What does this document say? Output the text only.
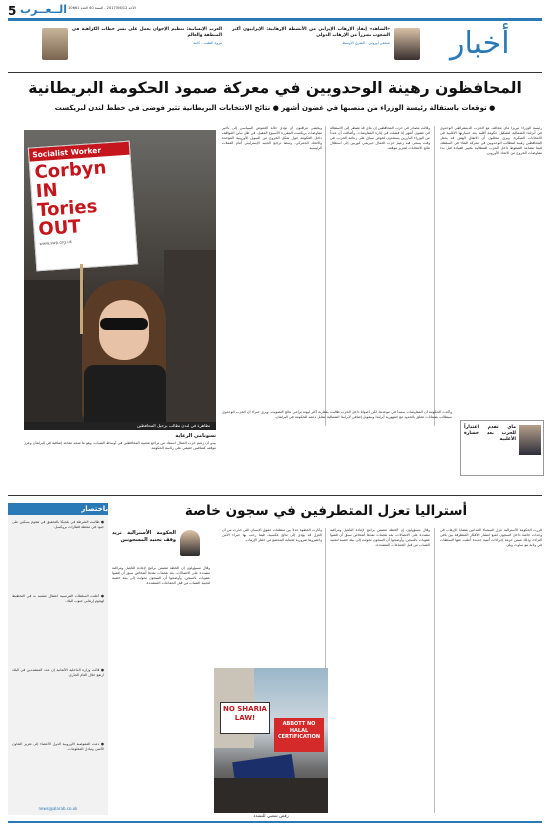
5 الــعــرب الأحد 2017/06/12 - السنة 40 العدد 10661
العرب الإنسانية: تنظيم الإخوان يعمل على نشر خطاب الكراهية في المنطقة والعالم
مروة الطيب - كاتبة
«الشاهد» إنقاذ الإرهاب الإيراني من الأنشطة الإرهابية: الإيرانيون أكثر الشعوب تضرراً من الإرهاب الدولي
صحفي أوروبي - الشرق الأوسط أخبار
المحافظون رهينة الوحدويين في معركة صمود الحكومة البريطانية
● توقعات باستقالة رئيسة الوزراء من منصبها في غضون أشهر ● نتائج الانتخابات البريطانية تثير فوضى في خطط لندن لبريكست
Socialist Worker
Corbyn IN Tories OUT
www.swp.org.uk
تظاهرة في لندن تطالب برحيل المحافظين	ماي تقدم اعتذاراً للحزب بعد خسارة الأغلبية
رئيسة الوزراء تيريزا ماي تتحالف مع الحزب الديمقراطي الوحدوي في أيرلندا الشمالية لتشكيل حكومة أقلية بعد خسارتها الأغلبية في الانتخابات المبكرة. ويرى محللون أن الاتفاق الهش قد يجعل المحافظين رهينة لمطالب الوحدويين في معركة البقاء في السلطة، فيما تتصاعد الضغوط داخل الحزب للمطالبة بتغيير القيادة قبل بدء مفاوضات الخروج من الاتحاد الأوروبي.
وقالت مصادر في حزب المحافظين إن ماي قد تضطر إلى الاستقالة في غضون أشهر إذا فشلت في إدارة المفاوضات. وأضافت أن عدداً من الوزراء البارزين يستعدون لخوض سباق على زعامة الحزب، في وقت يسعى فيه زعيم حزب العمال جيريمي كوربين إلى استغلال نتائج الانتخابات لتعزيز موقعه.
ويخشى مراقبون أن تؤدي حالة الغموض السياسي إلى تأخير مفاوضات بريكست المقررة الأسبوع المقبل، في ظل تباين المواقف داخل الحكومة حول شكل الخروج من السوق الأوروبية الموحدة والاتحاد الجمركي، وسط تراجع الجنيه الإسترليني أمام العملات الرئيسية.
وأكدت الحكومة أن المفاوضات ستبدأ في موعدها، لكن أصواتاً داخل الحزب طالبت بمقاربة أكثر ليونة تراعي نتائج التصويت. ويرى خبراء أن الحزب الوحدوي سيطالب بضمانات تتعلق بالحدود مع جمهورية أيرلندا وبتمويل إضافي لأيرلندا الشمالية مقابل دعمه للحكومة في البرلمان.
تسونامي الرعاية
يبدو أن زعيم حزب العمال استفاد من تراجع شعبية المحافظين في أوساط الشباب، وهو ما منحه مقاعد إضافية في البرلمان وعزز موقعه كمنافس حقيقي على رئاسة الحكومة.
أستراليا تعزل المتطرفين في سجون خاصة
قررت الحكومة الأسترالية عزل السجناء المدانين بقضايا الإرهاب في وحدات خاصة داخل السجون لمنع انتشار الأفكار المتطرفة بين باقي النزلاء، وذلك ضمن حزمة إجراءات أمنية جديدة أعلنت عنها السلطات في ولاية نيو ساوث ويلز.
وقال مسؤولون إن الخطة تتضمن برامج لإعادة التأهيل ومراقبة مشددة على الاتصالات، بعد هجمات نفذها أشخاص سبق أن قضوا عقوبات بالسجن. وأوضحوا أن السجون تحولت إلى بيئة خصبة لتجنيد الشباب من قبل الجماعات المتشددة.
وأثارت الخطوة جدلاً بين منظمات حقوق الإنسان التي حذرت من أن العزل قد يؤدي إلى نتائج عكسية، فيما رحب بها خبراء الأمن واعتبروها ضرورية لحماية المجتمع من خطر الإرهاب.
الحكومة الأسترالية تريد وقف تجنيد المسجونين
NO SHARIA LAW!
ABBOTT NO HALAL CERTIFICATION
رفض شعبي للتشدد
باختصار
● طالبت الشرطة في بلجيكا بالتحقيق في هجوم بسكين على جنود في محطة قطارات بروكسل.
● أعلنت السلطات الفرنسية اعتقال مشتبه به في التخطيط لهجوم إرهابي جنوب البلاد.
● قالت وزارة الداخلية الألمانية إن عدد المتشددين في البلاد ارتفع خلال العام الجاري.
● دعت المفوضية الأوروبية الدول الأعضاء إلى تعزيز التعاون الأمني وتبادل المعلومات.
news@alarab.co.uk
وقال مسؤولون إن الخطة تتضمن برامج لإعادة التأهيل ومراقبة مشددة على الاتصالات، بعد هجمات نفذها أشخاص سبق أن قضوا عقوبات بالسجن. وأوضحوا أن السجون تحولت إلى بيئة خصبة لتجنيد الشباب من قبل الجماعات المتشددة.
